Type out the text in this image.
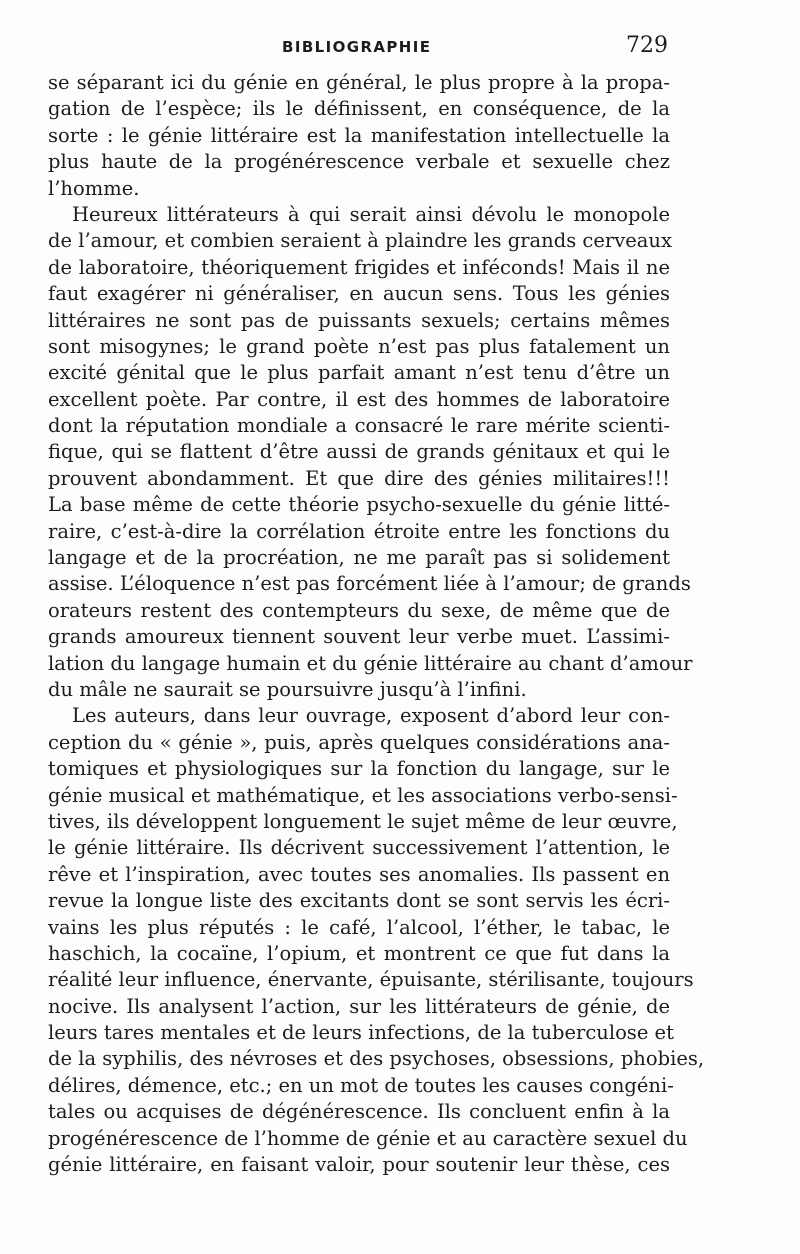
BIBLIOGRAPHIE	729
se séparant ici du génie en général, le plus propre à la propa-
gation de l’espèce; ils le définissent, en conséquence, de la
sorte : le génie littéraire est la manifestation intellectuelle la
plus haute de la progénérescence verbale et sexuelle chez
l’homme.
Heureux littérateurs à qui serait ainsi dévolu le monopole
de l’amour, et combien seraient à plaindre les grands cerveaux
de laboratoire, théoriquement frigides et inféconds! Mais il ne
faut exagérer ni généraliser, en aucun sens. Tous les génies
littéraires ne sont pas de puissants sexuels; certains mêmes
sont misogynes; le grand poète n’est pas plus fatalement un
excité génital que le plus parfait amant n’est tenu d’être un
excellent poète. Par contre, il est des hommes de laboratoire
dont la réputation mondiale a consacré le rare mérite scienti-
fique, qui se flattent d’être aussi de grands génitaux et qui le
prouvent abondamment. Et que dire des génies militaires!!!
La base même de cette théorie psycho-sexuelle du génie litté-
raire, c’est-à-dire la corrélation étroite entre les fonctions du
langage et de la procréation, ne me paraît pas si solidement
assise. L’éloquence n’est pas forcément liée à l’amour; de grands
orateurs restent des contempteurs du sexe, de même que de
grands amoureux tiennent souvent leur verbe muet. L’assimi-
lation du langage humain et du génie littéraire au chant d’amour
du mâle ne saurait se poursuivre jusqu’à l’infini.
Les auteurs, dans leur ouvrage, exposent d’abord leur con-
ception du « génie », puis, après quelques considérations ana-
tomiques et physiologiques sur la fonction du langage, sur le
génie musical et mathématique, et les associations verbo-sensi-
tives, ils développent longuement le sujet même de leur œuvre,
le génie littéraire. Ils décrivent successivement l’attention, le
rêve et l’inspiration, avec toutes ses anomalies. Ils passent en
revue la longue liste des excitants dont se sont servis les écri-
vains les plus réputés : le café, l’alcool, l’éther, le tabac, le
haschich, la cocaïne, l’opium, et montrent ce que fut dans la
réalité leur influence, énervante, épuisante, stérilisante, toujours
nocive. Ils analysent l’action, sur les littérateurs de génie, de
leurs tares mentales et de leurs infections, de la tuberculose et
de la syphilis, des névroses et des psychoses, obsessions, phobies,
délires, démence, etc.; en un mot de toutes les causes congéni-
tales ou acquises de dégénérescence. Ils concluent enfin à la
progénérescence de l’homme de génie et au caractère sexuel du
génie littéraire, en faisant valoir, pour soutenir leur thèse, ces
